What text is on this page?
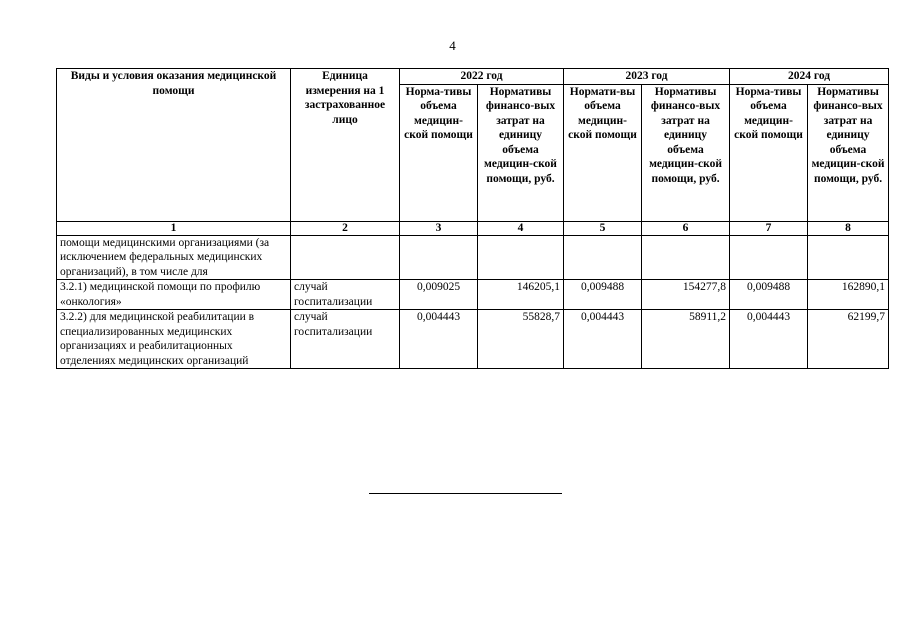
4
Виды и условия оказания медицинской помощи	Единица измерения на 1 застрахованное лицо	2022 год		2023 год		2024 год	
		Норма-тивы объема медицин-ской помощи	Нормативы финансо-вых затрат на единицу объема медицин-ской помощи, руб.	Нормати-вы объема медицин-ской помощи	Нормативы финансо-вых затрат на единицу объема медицин-ской помощи, руб.	Норма-тивы объема медицин-ской помощи	Нормативы финансо-вых затрат на единицу объема медицин-ской помощи, руб.
1	2	3	4	5	6	7	8
помощи медицинскими организациями (за исключением федеральных медицинских организаций), в том числе для							
3.2.1) медицинской помощи по профилю «онкология»	случай госпитализации	0,009025	146205,1	0,009488	154277,8	0,009488	162890,1
3.2.2) для медицинской реабилитации в специализированных медицинских организациях и реабилитационных отделениях медицинских организаций	случай госпитализации	0,004443	55828,7	0,004443	58911,2	0,004443	62199,7
